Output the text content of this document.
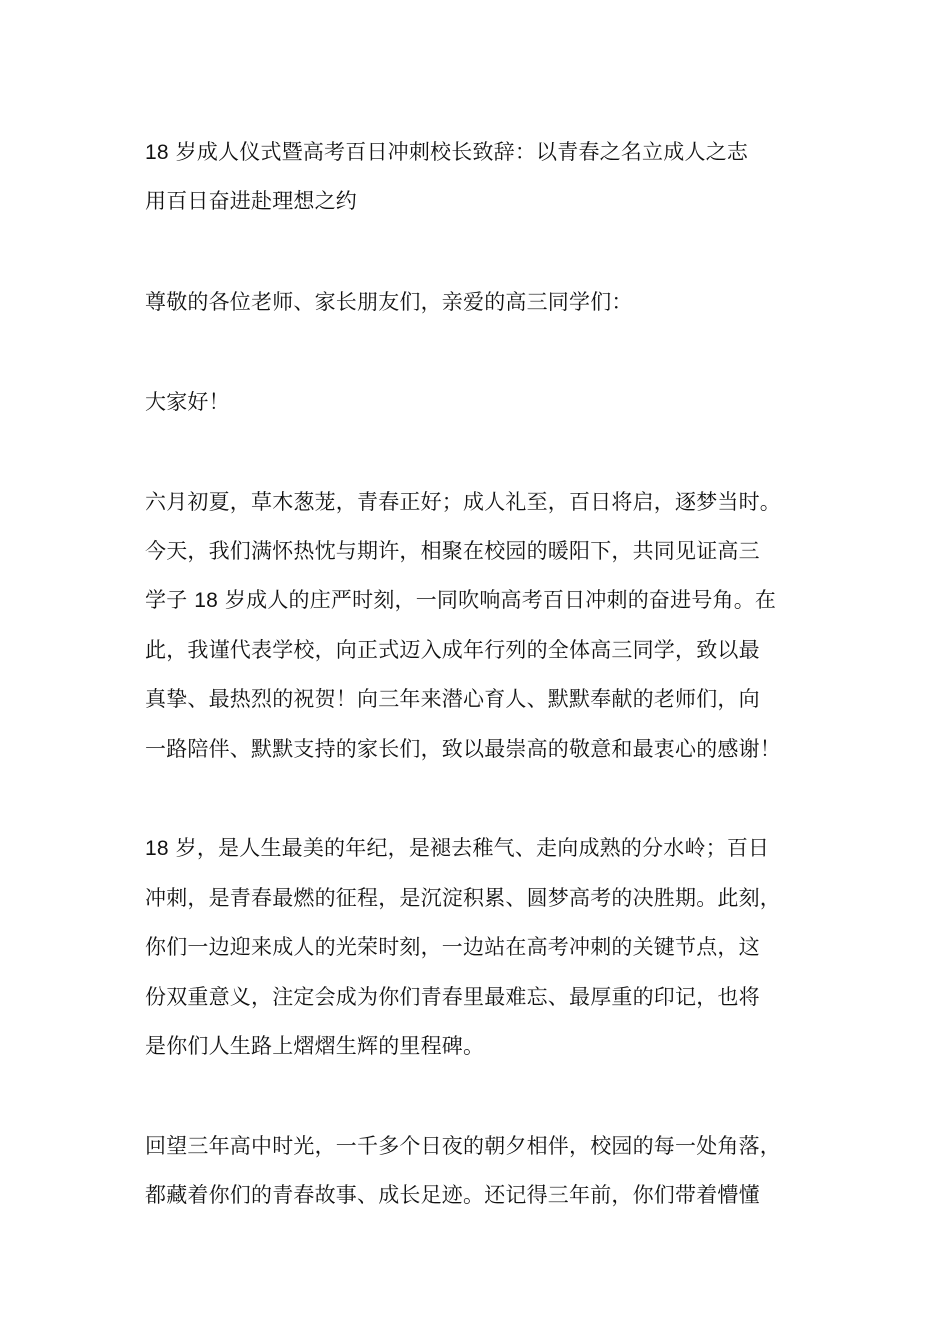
18 岁成人仪式暨高考百日冲刺校长致辞：以青春之名立成人之志
用百日奋进赴理想之约
尊敬的各位老师、家长朋友们，亲爱的高三同学们：
大家好！
六月初夏，草木葱茏，青春正好；成人礼至，百日将启，逐梦当时。
今天，我们满怀热忱与期许，相聚在校园的暖阳下，共同见证高三
学子 18 岁成人的庄严时刻，一同吹响高考百日冲刺的奋进号角。在
此，我谨代表学校，向正式迈入成年行列的全体高三同学，致以最
真挚、最热烈的祝贺！向三年来潜心育人、默默奉献的老师们，向
一路陪伴、默默支持的家长们，致以最崇高的敬意和最衷心的感谢！
18 岁，是人生最美的年纪，是褪去稚气、走向成熟的分水岭；百日
冲刺，是青春最燃的征程，是沉淀积累、圆梦高考的决胜期。此刻，
你们一边迎来成人的光荣时刻，一边站在高考冲刺的关键节点，这
份双重意义，注定会成为你们青春里最难忘、最厚重的印记，也将
是你们人生路上熠熠生辉的里程碑。
回望三年高中时光，一千多个日夜的朝夕相伴，校园的每一处角落，
都藏着你们的青春故事、成长足迹。还记得三年前，你们带着懵懂
